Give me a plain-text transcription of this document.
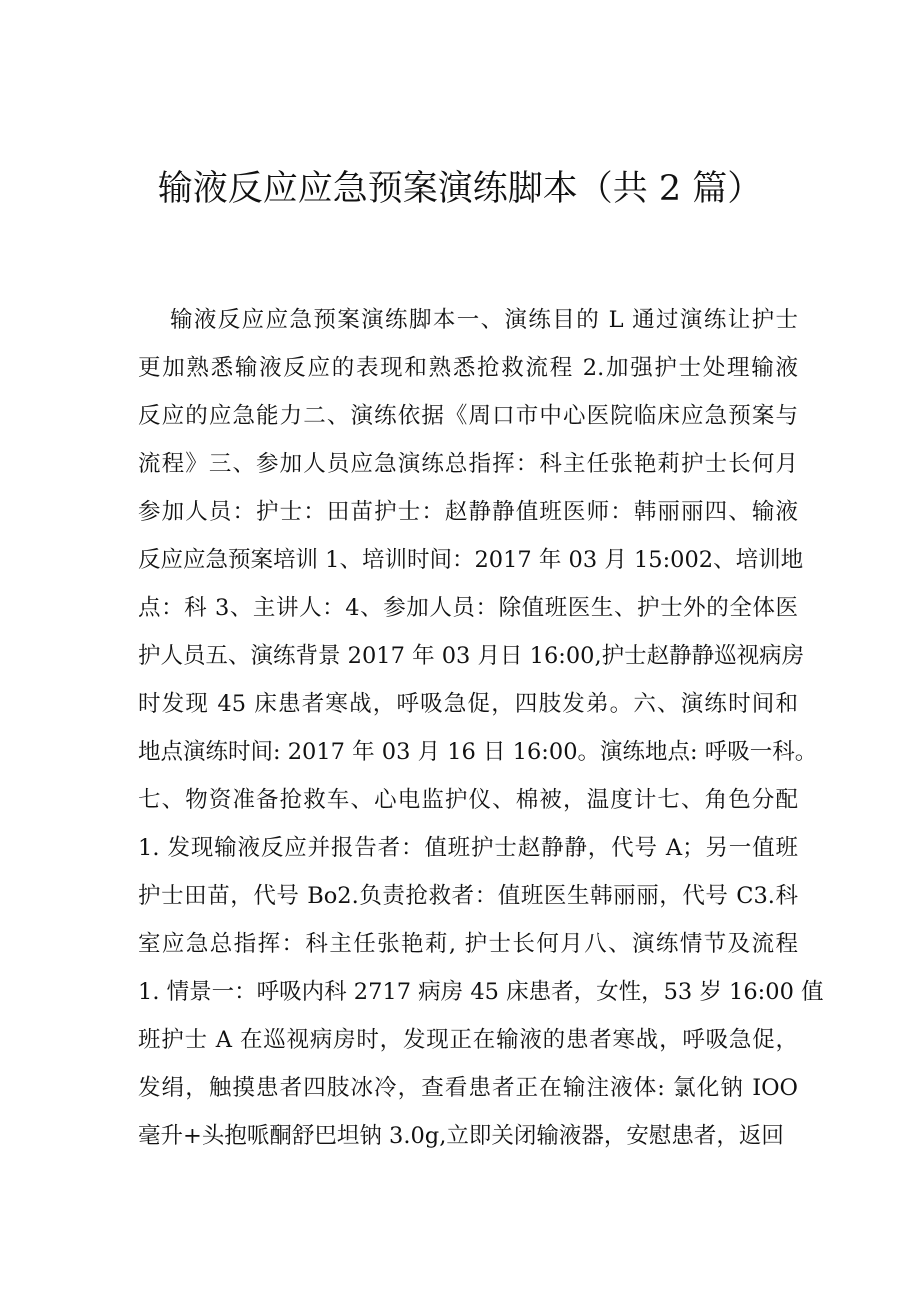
输液反应应急预案演练脚本（共 2 篇）
输液反应应急预案演练脚本一、演练目的 L 通过演练让护士
更加熟悉输液反应的表现和熟悉抢救流程 2.加强护士处理输液
反应的应急能力二、演练依据《周口市中心医院临床应急预案与
流程》三、参加人员应急演练总指挥：科主任张艳莉护士长何月
参加人员：护士：田苗护士：赵静静值班医师：韩丽丽四、输液
反应应急预案培训 1、培训时间：2017 年 03 月 15:002、培训地
点：科 3、主讲人：4、参加人员：除值班医生、护士外的全体医
护人员五、演练背景 2017 年 03 月日 16:00,护士赵静静巡视病房
时发现 45 床患者寒战，呼吸急促，四肢发弟。六、演练时间和
地点演练时间: 2017 年 03 月 16 日 16:00。演练地点: 呼吸一科。
七、物资准备抢救车、心电监护仪、棉被，温度计七、角色分配
1. 发现输液反应并报告者：值班护士赵静静，代号 A；另一值班
护士田苗，代号 Bo2.负责抢救者：值班医生韩丽丽，代号 C3.科
室应急总指挥：科主任张艳莉, 护士长何月八、演练情节及流程
1. 情景一：呼吸内科 2717 病房 45 床患者，女性，53 岁 16:00 值
班护士 A 在巡视病房时，发现正在输液的患者寒战，呼吸急促，
发绢，触摸患者四肢冰冷，查看患者正在输注液体: 氯化钠 IOO
毫升+头抱哌酮舒巴坦钠 3.0g,立即关闭输液器，安慰患者，返回
